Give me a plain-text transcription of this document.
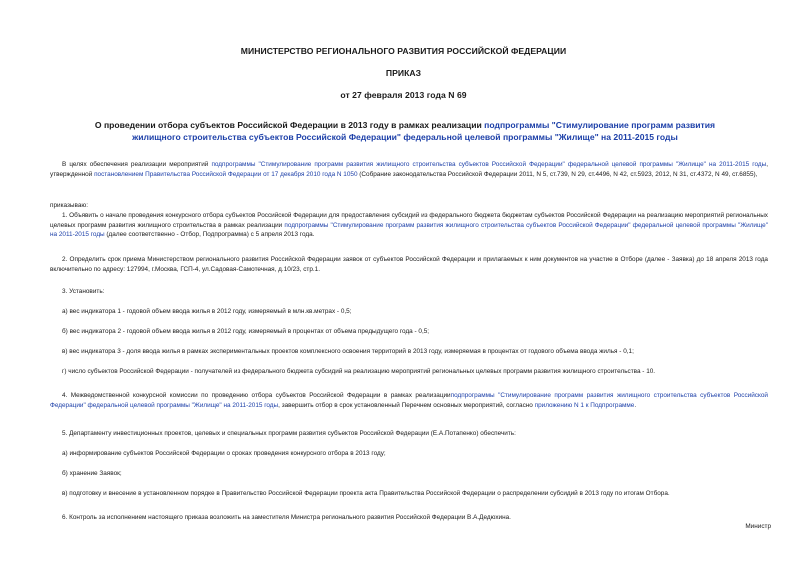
МИНИСТЕРСТВО РЕГИОНАЛЬНОГО РАЗВИТИЯ РОССИЙСКОЙ ФЕДЕРАЦИИ
ПРИКАЗ
от 27 февраля 2013 года N 69
О проведении отбора субъектов Российской Федерации в 2013 году в рамках реализации подпрограммы "Стимулирование программ развития жилищного строительства субъектов Российской Федерации" федеральной целевой программы "Жилище" на 2011-2015 годы
В целях обеспечения реализации мероприятий подпрограммы "Стимулирование программ развития жилищного строительства субъектов Российской Федерации" федеральной целевой программы "Жилище" на 2011-2015 годы, утвержденной постановлением Правительства Российской Федерации от 17 декабря 2010 года N 1050 (Собрание законодательства Российской Федерации 2011, N 5, ст.739, N 29, ст.4496, N 42, ст.5923, 2012, N 31, ст.4372, N 49, ст.6855),
приказываю:
1. Объявить о начале проведения конкурсного отбора субъектов Российской Федерации для предоставления субсидий из федерального бюджета бюджетам субъектов Российской Федерации на реализацию мероприятий региональных целевых программ развития жилищного строительства в рамках реализации подпрограммы "Стимулирование программ развития жилищного строительства субъектов Российской Федерации" федеральной целевой программы "Жилище" на 2011-2015 годы (далее соответственно - Отбор, Подпрограмма) с 5 апреля 2013 года.
2. Определить срок приема Министерством регионального развития Российской Федерации заявок от субъектов Российской Федерации и прилагаемых к ним документов на участие в Отборе (далее - Заявка) до 18 апреля 2013 года включительно по адресу: 127994, г.Москва, ГСП-4, ул.Садовая-Самотечная, д.10/23, стр.1.
3. Установить:
а) вес индикатора 1 - годовой объем ввода жилья в 2012 году, измеряемый в млн.кв.метрах - 0,5;
б) вес индикатора 2 - годовой объем ввода жилья в 2012 году, измеряемый в процентах от объема предыдущего года - 0,5;
в) вес индикатора 3 - доля ввода жилья в рамках экспериментальных проектов комплексного освоения территорий в 2013 году, измеряемая в процентах от годового объема ввода жилья - 0,1;
г) число субъектов Российской Федерации - получателей из федерального бюджета субсидий на реализацию мероприятий региональных целевых программ развития жилищного строительства - 10.
4. Межведомственной конкурсной комиссии по проведению отбора субъектов Российской Федерации в рамках реализацииподпрограммы "Стимулирование программ развития жилищного строительства субъектов Российской Федерации" федеральной целевой программы "Жилище" на 2011-2015 годы, завершить отбор в срок установленный Перечнем основных мероприятий, согласно приложению N 1 к Подпрограмме.
5. Департаменту инвестиционных проектов, целевых и специальных программ развития субъектов Российской Федерации (Е.А.Потапенко) обеспечить:
а) информирование субъектов Российской Федерации о сроках проведения конкурсного отбора в 2013 году;
б) хранение Заявок;
в) подготовку и внесение в установленном порядке в Правительство Российской Федерации проекта акта Правительства Российской Федерации о распределении субсидий в 2013 году по итогам Отбора.
6. Контроль за исполнением настоящего приказа возложить на заместителя Министра регионального развития Российской Федерации В.А.Дедюхина.
Министр
